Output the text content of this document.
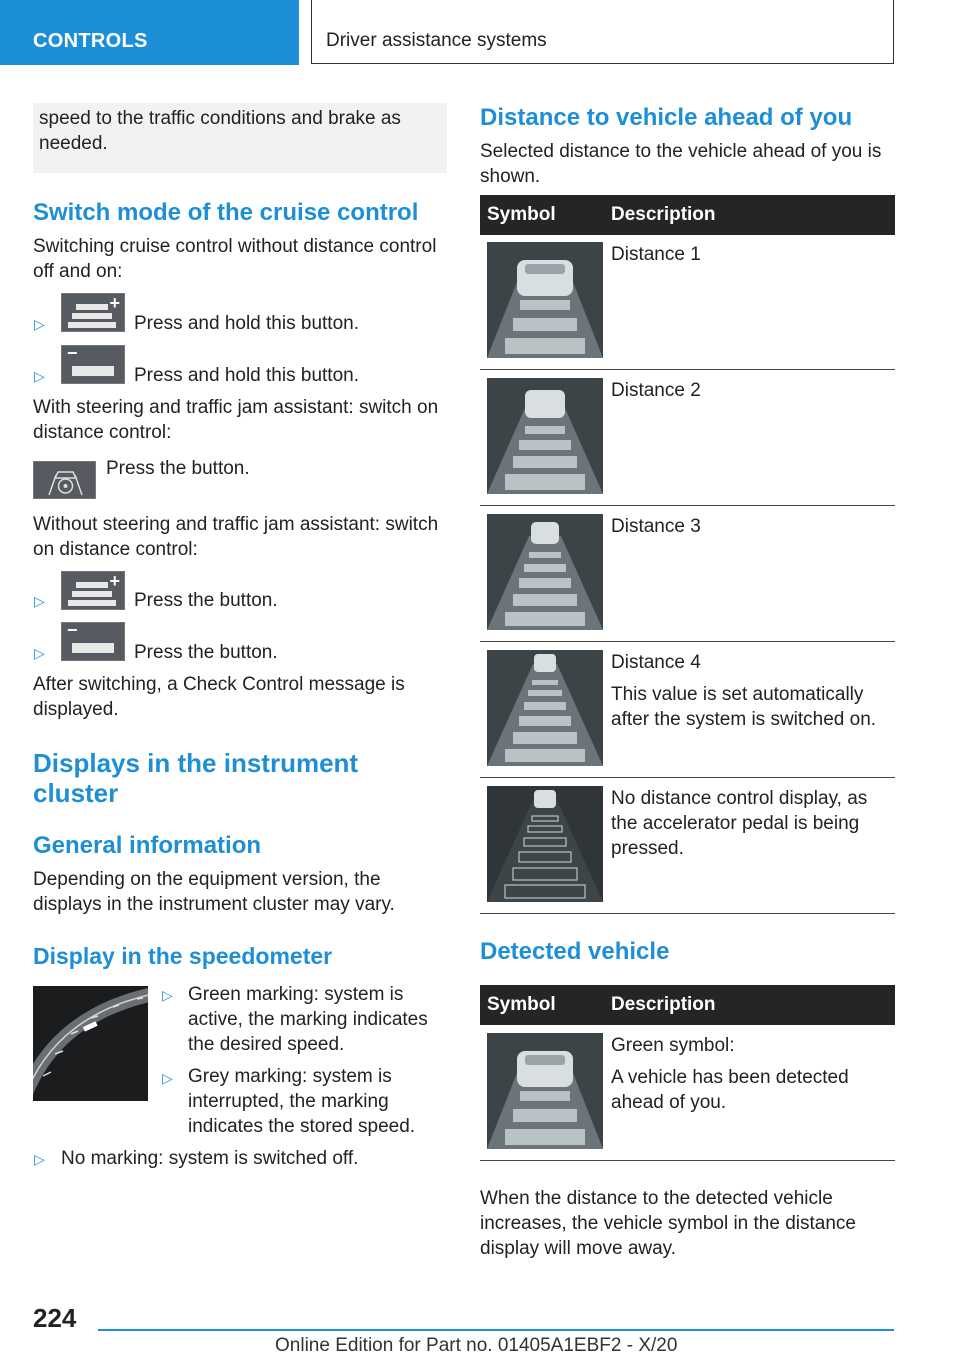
CONTROLS	Driver assistance systems
speed to the traffic conditions and brake as needed.
Switch mode of the cruise control
Switching cruise control without distance control off and on:
▷
+
Press and hold this button.
▷
−
Press and hold this button.
With steering and traffic jam assistant: switch on distance control:
Press the button.
Without steering and traffic jam assistant: switch on distance control:
▷
+
Press the button.
▷
−
Press the button.
After switching, a Check Control message is displayed.
Displays in the instrument cluster
General information
Depending on the equipment version, the displays in the instrument cluster may vary.
Display in the speedometer
▷ Green marking: system is active, the marking indicates the desired speed.
▷ Grey marking: system is interrupted, the marking indicates the stored speed.
▷ No marking: system is switched off.
Distance to vehicle ahead of you
Selected distance to the vehicle ahead of you is shown.
Symbol	Description
Distance 1
Distance 2
Distance 3
Distance 4
This value is set automatically after the system is switched on.
No distance control display, as the accelerator pedal is being pressed.
Detected vehicle
Symbol	Description
Green symbol:
A vehicle has been detected ahead of you.
When the distance to the detected vehicle increases, the vehicle symbol in the distance display will move away.
224
Online Edition for Part no. 01405A1EBF2 - X/20
